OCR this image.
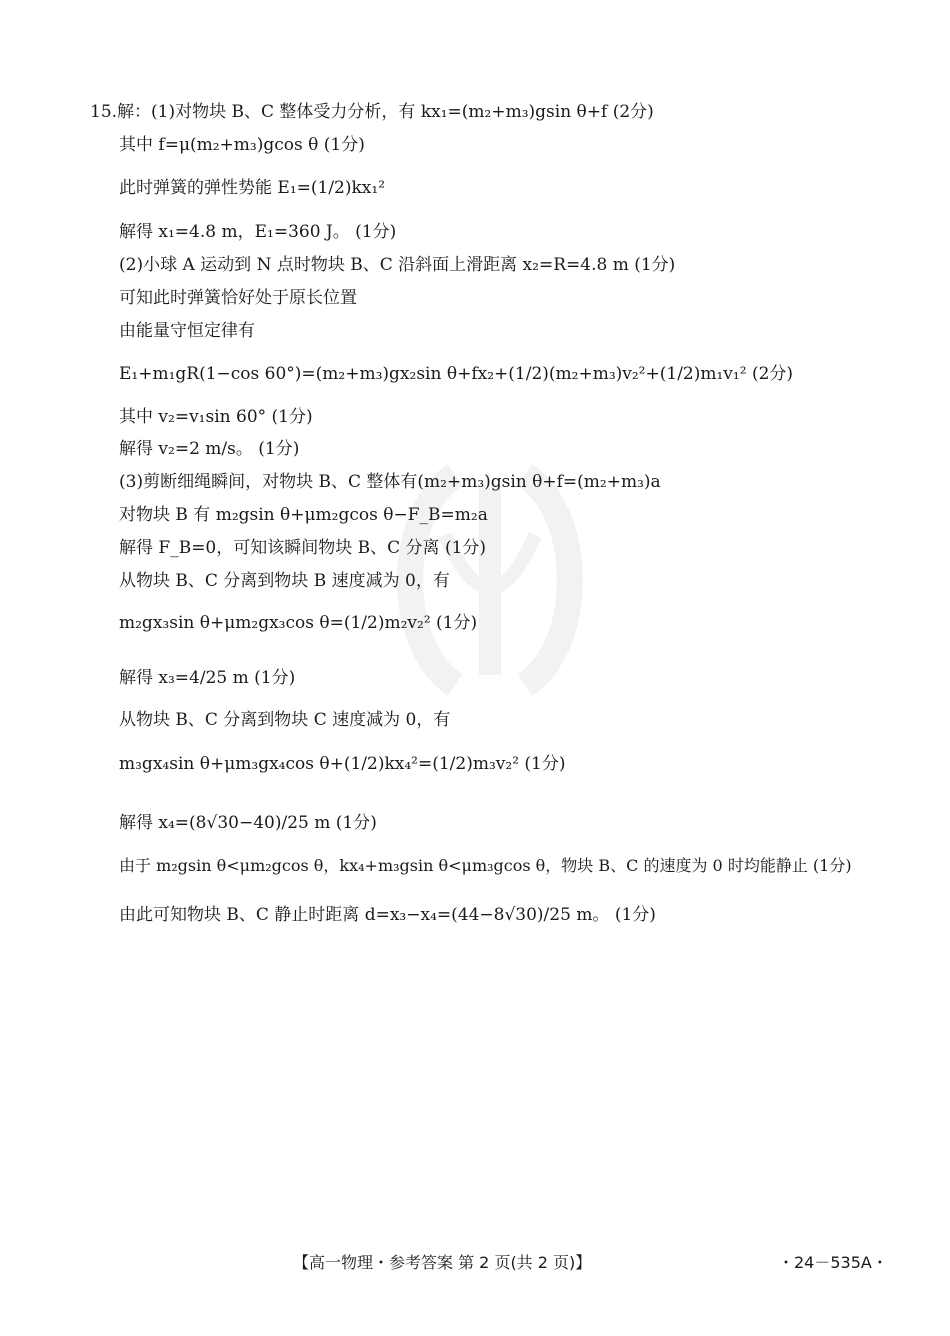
15.解：(1)对物块 B、C 整体受力分析，有 kx₁=(m₂+m₃)gsin θ+f (2分)
其中 f=μ(m₂+m₃)gcos θ (1分)
此时弹簧的弹性势能 E₁=(1/2)kx₁²
解得 x₁=4.8 m，E₁=360 J。 (1分)
(2)小球 A 运动到 N 点时物块 B、C 沿斜面上滑距离 x₂=R=4.8 m (1分)
可知此时弹簧恰好处于原长位置
由能量守恒定律有
E₁+m₁gR(1−cos 60°)=(m₂+m₃)gx₂sin θ+fx₂+(1/2)(m₂+m₃)v₂²+(1/2)m₁v₁² (2分)
其中 v₂=v₁sin 60° (1分)
解得 v₂=2 m/s。 (1分)
(3)剪断细绳瞬间，对物块 B、C 整体有(m₂+m₃)gsin θ+f=(m₂+m₃)a
对物块 B 有 m₂gsin θ+μm₂gcos θ−F_B=m₂a
解得 F_B=0，可知该瞬间物块 B、C 分离 (1分)
从物块 B、C 分离到物块 B 速度减为 0，有
m₂gx₃sin θ+μm₂gx₃cos θ=(1/2)m₂v₂² (1分)
解得 x₃=4/25 m (1分)
从物块 B、C 分离到物块 C 速度减为 0，有
m₃gx₄sin θ+μm₃gx₄cos θ+(1/2)kx₄²=(1/2)m₃v₂² (1分)
解得 x₄=(8√30−40)/25 m (1分)
由于 m₂gsin θ<μm₂gcos θ，kx₄+m₃gsin θ<μm₃gcos θ，物块 B、C 的速度为 0 时均能静止 (1分)
由此可知物块 B、C 静止时距离 d=x₃−x₄=(44−8√30)/25 m。 (1分)
【高一物理・参考答案 第 2 页(共 2 页)】	・24－535A・
